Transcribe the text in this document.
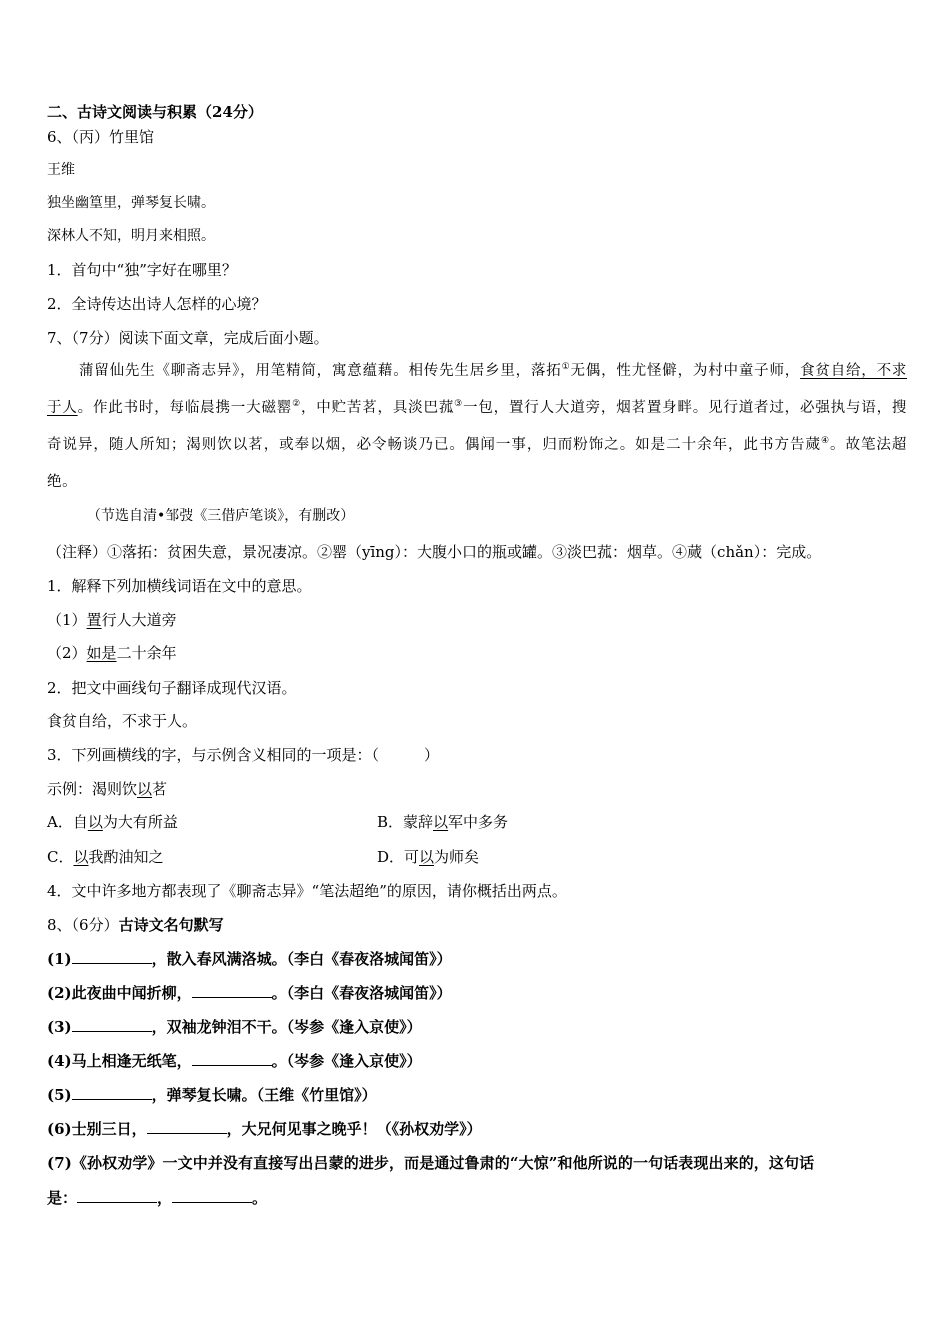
二、古诗文阅读与积累（24分）
6、（丙）竹里馆
王维
独坐幽篁里，弹琴复长啸。
深林人不知，明月来相照。
1．首句中“独”字好在哪里？
2．全诗传达出诗人怎样的心境？
7、（7分）阅读下面文章，完成后面小题。
蒲留仙先生《聊斋志异》，用笔精简，寓意蕴藉。相传先生居乡里，落拓①无偶，性尤怪僻，为村中童子师，食贫自给，不求于人。作此书时，每临晨携一大磁罂②，中贮苦茗，具淡巴菰③一包，置行人大道旁，烟茗置身畔。见行道者过，必强执与语，搜奇说异，随人所知；渴则饮以茗，或奉以烟，必令畅谈乃已。偶闻一事，归而粉饰之。如是二十余年，此书方告蒇④。故笔法超绝。
（节选自清•邹弢《三借庐笔谈》，有删改）
（注释）①落拓：贫困失意，景况凄凉。②罂（yīng）：大腹小口的瓶或罐。③淡巴菰：烟草。④蒇（chǎn）：完成。
1．解释下列加横线词语在文中的意思。
（1）置行人大道旁
（2）如是二十余年
2．把文中画线句子翻译成现代汉语。
食贫自给，不求于人。
3．下列画横线的字，与示例含义相同的一项是：（　　　）
示例：渴则饮以茗
A．自以为大有所益	B．蒙辞以军中多务
C．以我酌油知之	D．可以为师矣
4．文中许多地方都表现了《聊斋志异》“笔法超绝”的原因，请你概括出两点。
8、（6分）古诗文名句默写
(1)	，散入春风满洛城。（李白《春夜洛城闻笛》）
(2)此夜曲中闻折柳，	。（李白《春夜洛城闻笛》）
(3)	，双袖龙钟泪不干。（岑参《逢入京使》）
(4)马上相逢无纸笔，	。（岑参《逢入京使》）
(5)	，弹琴复长啸。（王维《竹里馆》）
(6)士别三日，	，大兄何见事之晚乎！（《孙权劝学》）
(7)《孙权劝学》一文中并没有直接写出吕蒙的进步，而是通过鲁肃的“大惊”和他所说的一句话表现出来的，这句话
是：	，	。
